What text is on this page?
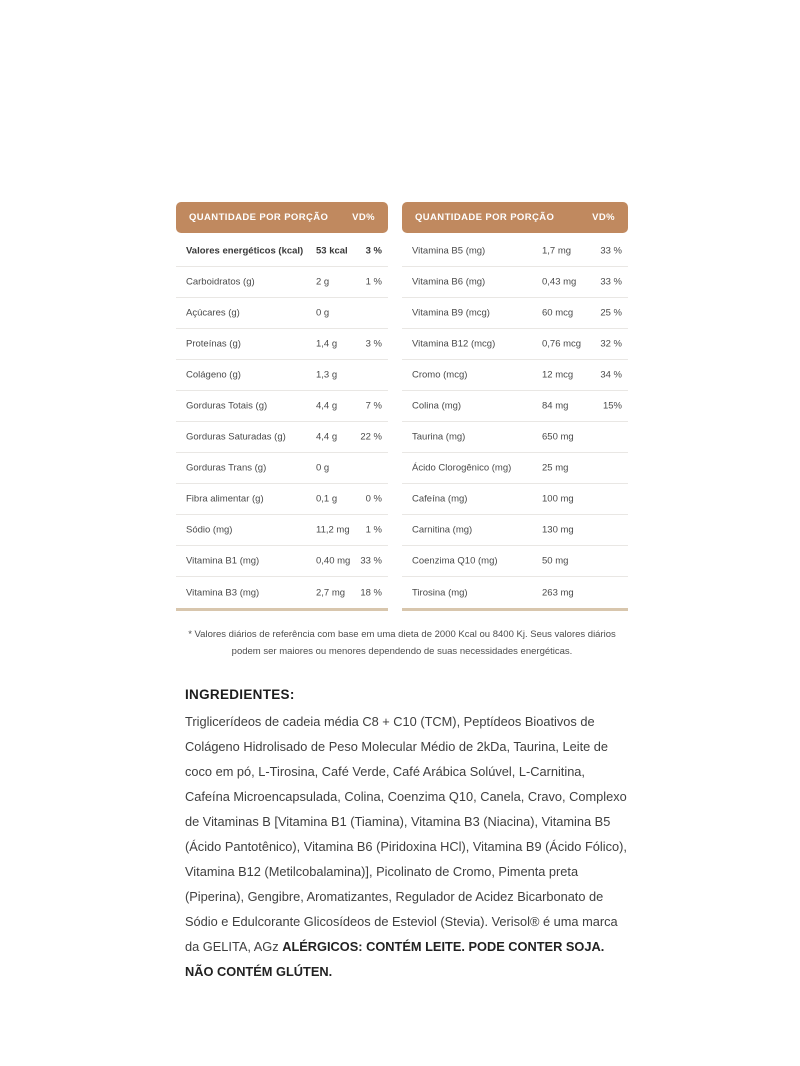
QUANTIDADE POR PORÇÃO	VD%
Valores energéticos (kcal) 53 kcal 3 %
Carboidratos (g)	2 g	1 %
Açúcares (g)	0 g
Proteínas (g)	1,4 g	3 %
Colágeno (g)	1,3 g
Gorduras Totais (g)	4,4 g	7 %
Gorduras Saturadas (g)	4,4 g 22 %
Gorduras Trans (g)	0 g
Fibra alimentar (g)	0,1 g	0 %
Sódio (mg)	11,2 mg 1 %
Vitamina B1 (mg)	0,40 mg 33 %
Vitamina B3 (mg)	2,7 mg 18 %
QUANTIDADE POR PORÇÃO	VD%
Vitamina B5 (mg)	1,7 mg	33 %
Vitamina B6 (mg)	0,43 mg	33 %
Vitamina B9 (mcg)	60 mcg	25 %
Vitamina B12 (mcg)	0,76 mcg 32 %
Cromo (mcg)	12 mcg	34 %
Colina (mg)	84 mg	15%
Taurina (mg)	650 mg
Ácido Clorogênico (mg)	25 mg
Cafeína (mg)	100 mg
Carnitina (mg)	130 mg
Coenzima Q10 (mg)	50 mg
Tirosina (mg)	263 mg
* Valores diários de referência com base em uma dieta de 2000 Kcal ou 8400 Kj. Seus valores diários
podem ser maiores ou menores dependendo de suas necessidades energéticas.
INGREDIENTES:
Triglicerídeos de cadeia média C8 + C10 (TCM), Peptídeos Bioativos de Colágeno Hidrolisado de Peso Molecular Médio de 2kDa, Taurina, Leite de coco em pó, L-Tirosina, Café Verde, Café Arábica Solúvel, L-Carnitina, Cafeína Microencapsulada, Colina, Coenzima Q10, Canela, Cravo, Complexo de Vitaminas B [Vitamina B1 (Tiamina), Vitamina B3 (Niacina), Vitamina B5 (Ácido Pantotênico), Vitamina B6 (Piridoxina HCl), Vitamina B9 (Ácido Fólico), Vitamina B12 (Metilcobalamina)], Picolinato de Cromo, Pimenta preta (Piperina), Gengibre, Aromatizantes, Regulador de Acidez Bicarbonato de Sódio e Edulcorante Glicosídeos de Esteviol (Stevia). Verisol® é uma marca da GELITA, AGz ALÉRGICOS: CONTÉM LEITE. PODE CONTER SOJA. NÃO CONTÉM GLÚTEN.
